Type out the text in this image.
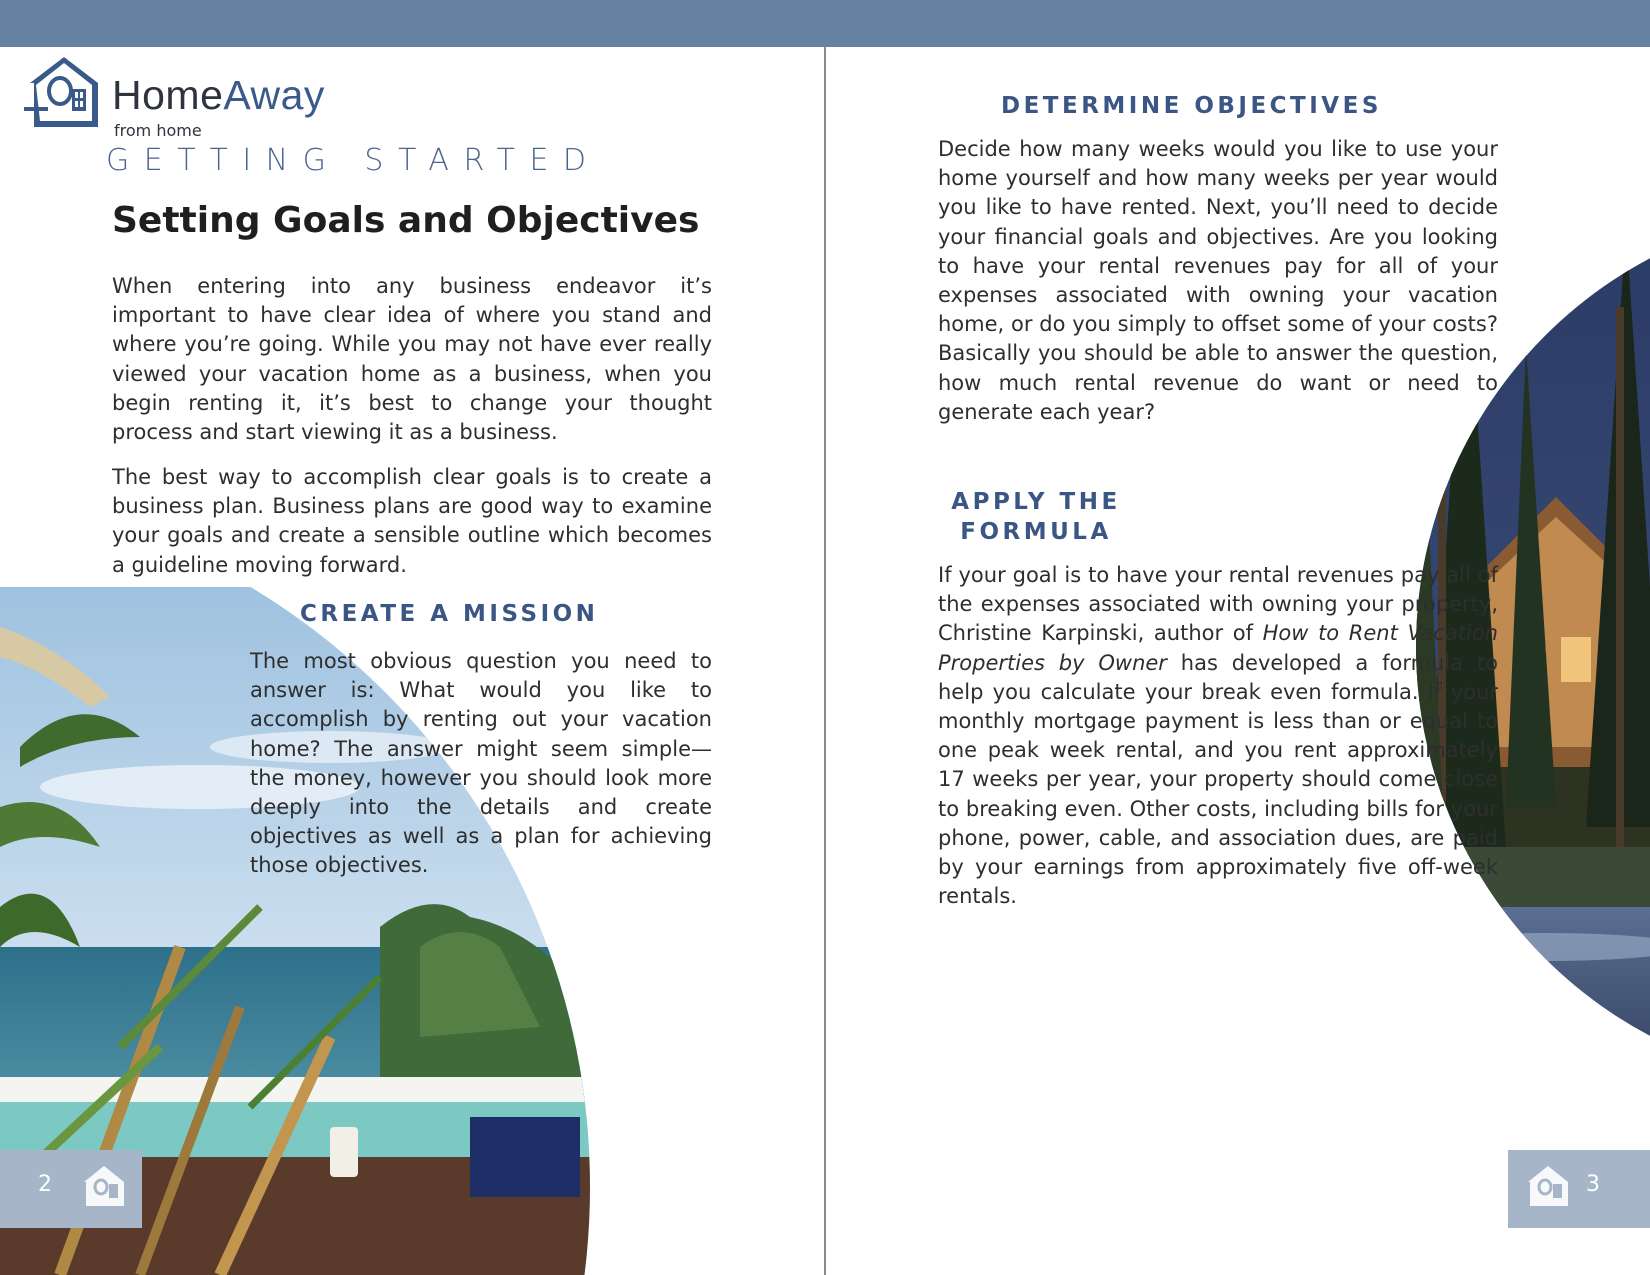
HomeAway
from home
GETTING STARTED
Setting Goals and Objectives

When entering into any business endeavor it’s important to have clear idea of where you stand and where you’re going. While you may not have ever really viewed your vacation home as a business, when you begin renting it, it’s best to change your thought process and start viewing it as a business.

The best way to accomplish clear goals is to create a business plan. Business plans are good way to examine your goals and create a sensible outline which becomes a guideline moving forward.

CREATE A MISSION
The most obvious question you need to answer is: What would you like to accomplish by renting out your vacation home? The answer might seem simple—the money, however you should look more deeply into the details and create objectives as well as a plan for achieving those objectives.
2
DETERMINE OBJECTIVES
Decide how many weeks would you like to use your home yourself and how many weeks per year would you like to have rented. Next, you’ll need to decide your financial goals and objectives. Are you looking to have your rental revenues pay for all of your expenses associated with owning your vacation home, or do you simply to offset some of your costs? Basically you should be able to answer the question, how much rental revenue do want or need to generate each year?
APPLY THE
FORMULA
If your goal is to have your rental revenues pay all of the expenses associated with owning your property, Christine Karpinski, author of How to Rent Vacation Properties by Owner has developed a formula to help you calculate your break even formula. If your monthly mortgage payment is less than or equal to one peak week rental, and you rent approximately 17 weeks per year, your property should come close to breaking even. Other costs, including bills for your phone, power, cable, and association dues, are paid by your earnings from approximately five off-week rentals.
3
